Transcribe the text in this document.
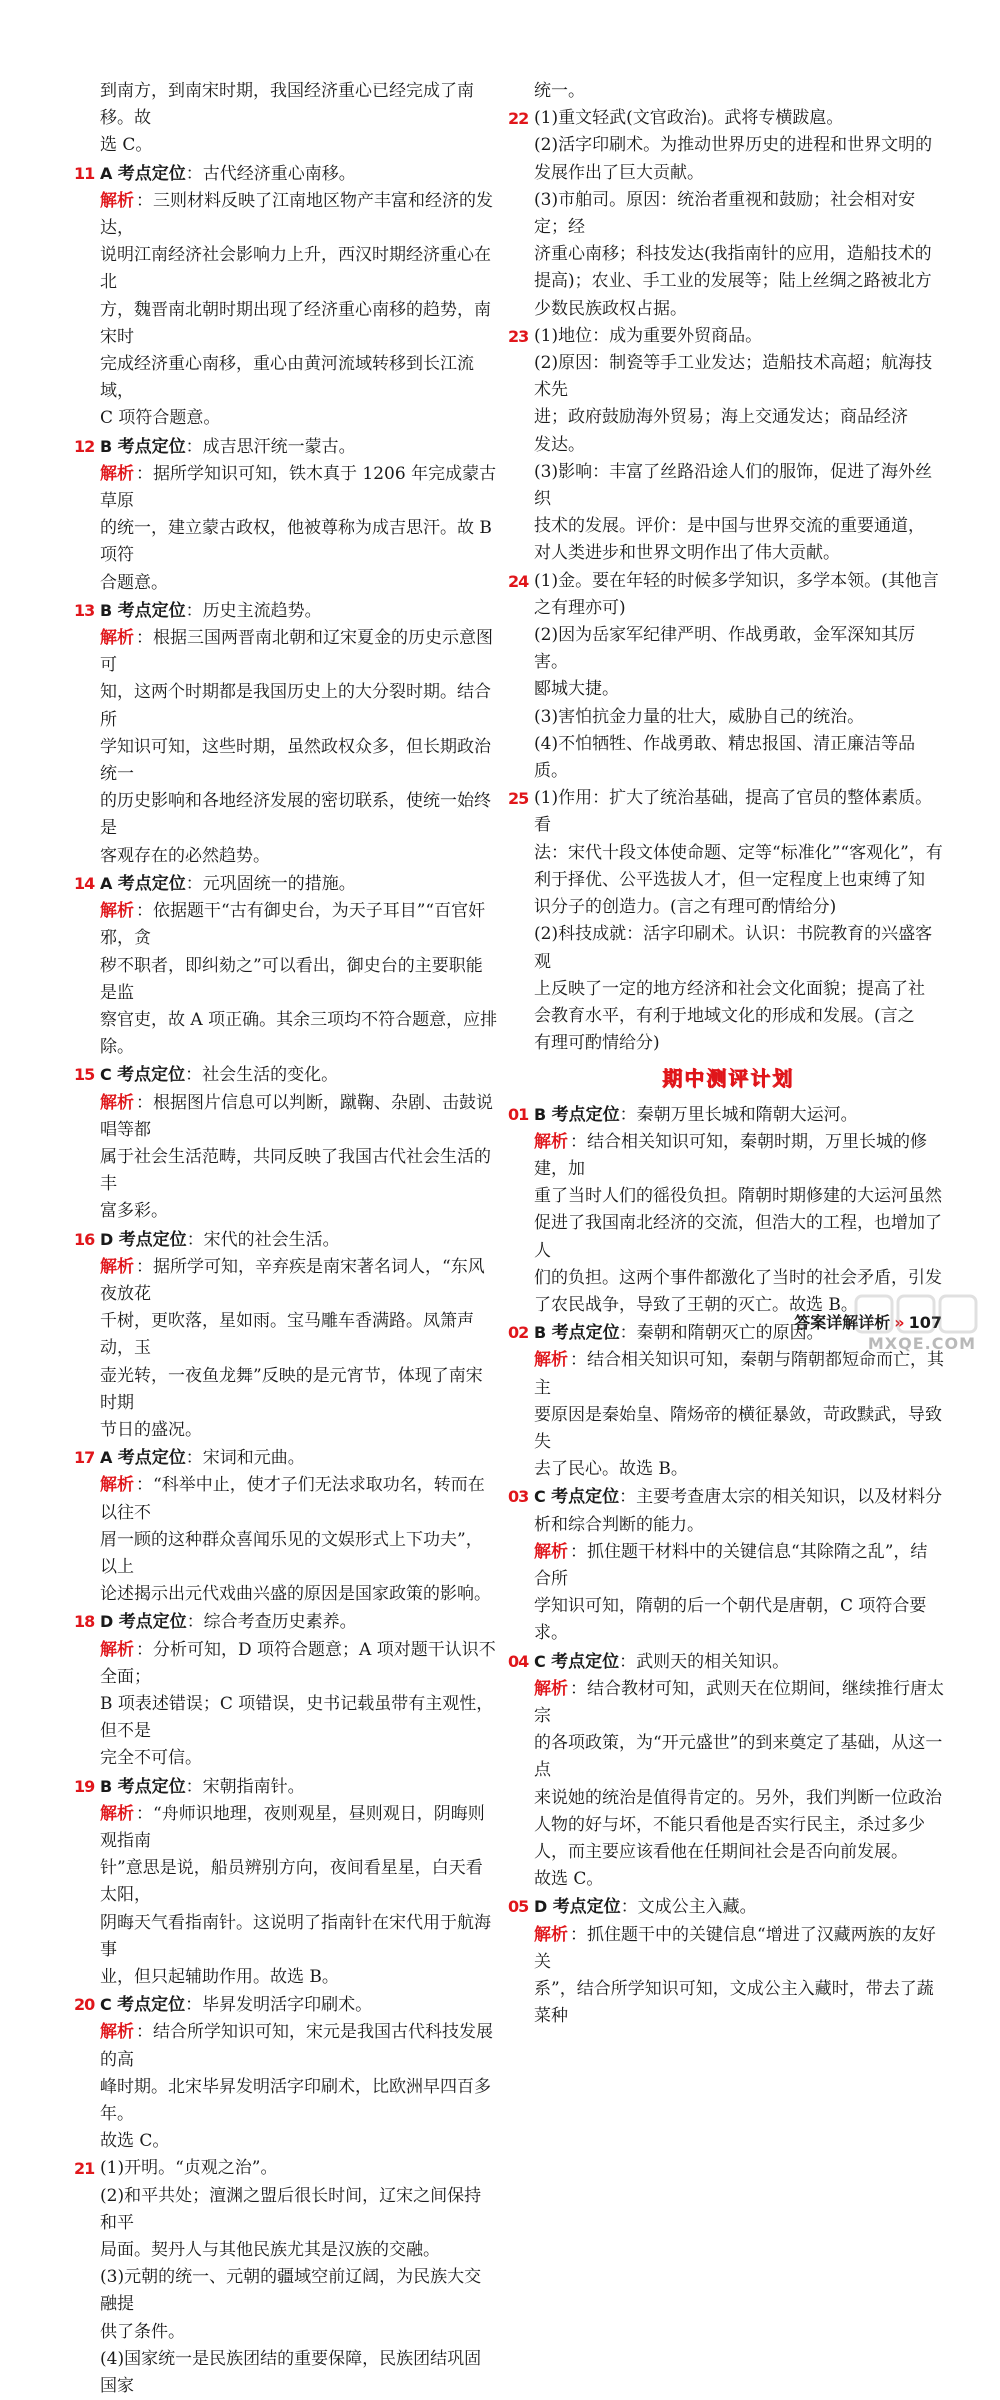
到南方，到南宋时期，我国经济重心已经完成了南移。故
选 C。
11 A 考点定位：古代经济重心南移。
解析 ：三则材料反映了江南地区物产丰富和经济的发达，
说明江南经济社会影响力上升，西汉时期经济重心在北
方，魏晋南北朝时期出现了经济重心南移的趋势，南宋时
完成经济重心南移，重心由黄河流域转移到长江流域，
C 项符合题意。
12 B 考点定位：成吉思汗统一蒙古。
解析 ：据所学知识可知，铁木真于 1206 年完成蒙古草原
的统一，建立蒙古政权，他被尊称为成吉思汗。故 B 项符
合题意。
13 B 考点定位：历史主流趋势。
解析 ：根据三国两晋南北朝和辽宋夏金的历史示意图可
知，这两个时期都是我国历史上的大分裂时期。结合所
学知识可知，这些时期，虽然政权众多，但长期政治统一
的历史影响和各地经济发展的密切联系，使统一始终是
客观存在的必然趋势。
14 A 考点定位：元巩固统一的措施。
解析 ：依据题干“古有御史台，为天子耳目”“百官奸邪，贪
秽不职者，即纠劾之”可以看出，御史台的主要职能是监
察官吏，故 A 项正确。其余三项均不符合题意，应排除。
15 C 考点定位：社会生活的变化。
解析 ：根据图片信息可以判断，蹴鞠、杂剧、击鼓说唱等都
属于社会生活范畴，共同反映了我国古代社会生活的丰
富多彩。
16 D 考点定位：宋代的社会生活。
解析 ：据所学可知，辛弃疾是南宋著名词人，“东风夜放花
千树，更吹落，星如雨。宝马雕车香满路。凤箫声动，玉
壶光转，一夜鱼龙舞”反映的是元宵节，体现了南宋时期
节日的盛况。
17 A 考点定位：宋词和元曲。
解析 ：“科举中止，使才子们无法求取功名，转而在以往不
屑一顾的这种群众喜闻乐见的文娱形式上下功夫”，以上
论述揭示出元代戏曲兴盛的原因是国家政策的影响。
18 D 考点定位：综合考查历史素养。
解析 ：分析可知，D 项符合题意；A 项对题干认识不全面；
B 项表述错误；C 项错误，史书记载虽带有主观性，但不是
完全不可信。
19 B 考点定位：宋朝指南针。
解析 ：“舟师识地理，夜则观星，昼则观日，阴晦则观指南
针”意思是说，船员辨别方向，夜间看星星，白天看太阳，
阴晦天气看指南针。这说明了指南针在宋代用于航海事
业，但只起辅助作用。故选 B。
20 C 考点定位：毕昇发明活字印刷术。
解析 ：结合所学知识可知，宋元是我国古代科技发展的高
峰时期。北宋毕昇发明活字印刷术，比欧洲早四百多年。
故选 C。
21 (1)开明。“贞观之治”。
(2)和平共处；澶渊之盟后很长时间，辽宋之间保持和平
局面。契丹人与其他民族尤其是汉族的交融。
(3)元朝的统一、元朝的疆域空前辽阔，为民族大交融提
供了条件。
(4)国家统一是民族团结的重要保障，民族团结巩固国家
统一。
22 (1)重文轻武(文官政治)。武将专横跋扈。
(2)活字印刷术。为推动世界历史的进程和世界文明的
发展作出了巨大贡献。
(3)市舶司。原因：统治者重视和鼓励；社会相对安定；经
济重心南移；科技发达(我指南针的应用，造船技术的
提高)；农业、手工业的发展等；陆上丝绸之路被北方
少数民族政权占据。
23 (1)地位：成为重要外贸商品。
(2)原因：制瓷等手工业发达；造船技术高超；航海技术先
进；政府鼓励海外贸易；海上交通发达；商品经济
发达。
(3)影响：丰富了丝路沿途人们的服饰，促进了海外丝织
技术的发展。评价：是中国与世界交流的重要通道，
对人类进步和世界文明作出了伟大贡献。
24 (1)金。要在年轻的时候多学知识，多学本领。(其他言
之有理亦可)
(2)因为岳家军纪律严明、作战勇敢，金军深知其厉害。
郾城大捷。
(3)害怕抗金力量的壮大，威胁自己的统治。
(4)不怕牺牲、作战勇敢、精忠报国、清正廉洁等品质。
25 (1)作用：扩大了统治基础，提高了官员的整体素质。看
法：宋代十段文体使命题、定等“标准化”“客观化”，有
利于择优、公平选拔人才，但一定程度上也束缚了知
识分子的创造力。(言之有理可酌情给分)
(2)科技成就：活字印刷术。认识：书院教育的兴盛客观
上反映了一定的地方经济和社会文化面貌；提高了社
会教育水平，有利于地域文化的形成和发展。(言之
有理可酌情给分)
期中测评计划
01 B 考点定位：秦朝万里长城和隋朝大运河。
解析 ：结合相关知识可知，秦朝时期，万里长城的修建，加
重了当时人们的徭役负担。隋朝时期修建的大运河虽然
促进了我国南北经济的交流，但浩大的工程，也增加了人
们的负担。这两个事件都激化了当时的社会矛盾，引发
了农民战争，导致了王朝的灭亡。故选 B。
02 B 考点定位：秦朝和隋朝灭亡的原因。
解析 ：结合相关知识可知，秦朝与隋朝都短命而亡，其主
要原因是秦始皇、隋炀帝的横征暴敛，苛政黩武，导致失
去了民心。故选 B。
03 C 考点定位：主要考查唐太宗的相关知识，以及材料分
析和综合判断的能力。
解析 ：抓住题干材料中的关键信息“其除隋之乱”，结合所
学知识可知，隋朝的后一个朝代是唐朝，C 项符合要求。
04 C 考点定位：武则天的相关知识。
解析 ：结合教材可知，武则天在位期间，继续推行唐太宗
的各项政策，为“开元盛世”的到来奠定了基础，从这一点
来说她的统治是值得肯定的。另外，我们判断一位政治
人物的好与坏，不能只看他是否实行民主，杀过多少
人，而主要应该看他在任期间社会是否向前发展。
故选 C。
05 D 考点定位：文成公主入藏。
解析 ：抓住题干中的关键信息“增进了汉藏两族的友好关
系”，结合所学知识可知，文成公主入藏时，带去了蔬菜种
答案详解详析 » 107
MXQE.COM
